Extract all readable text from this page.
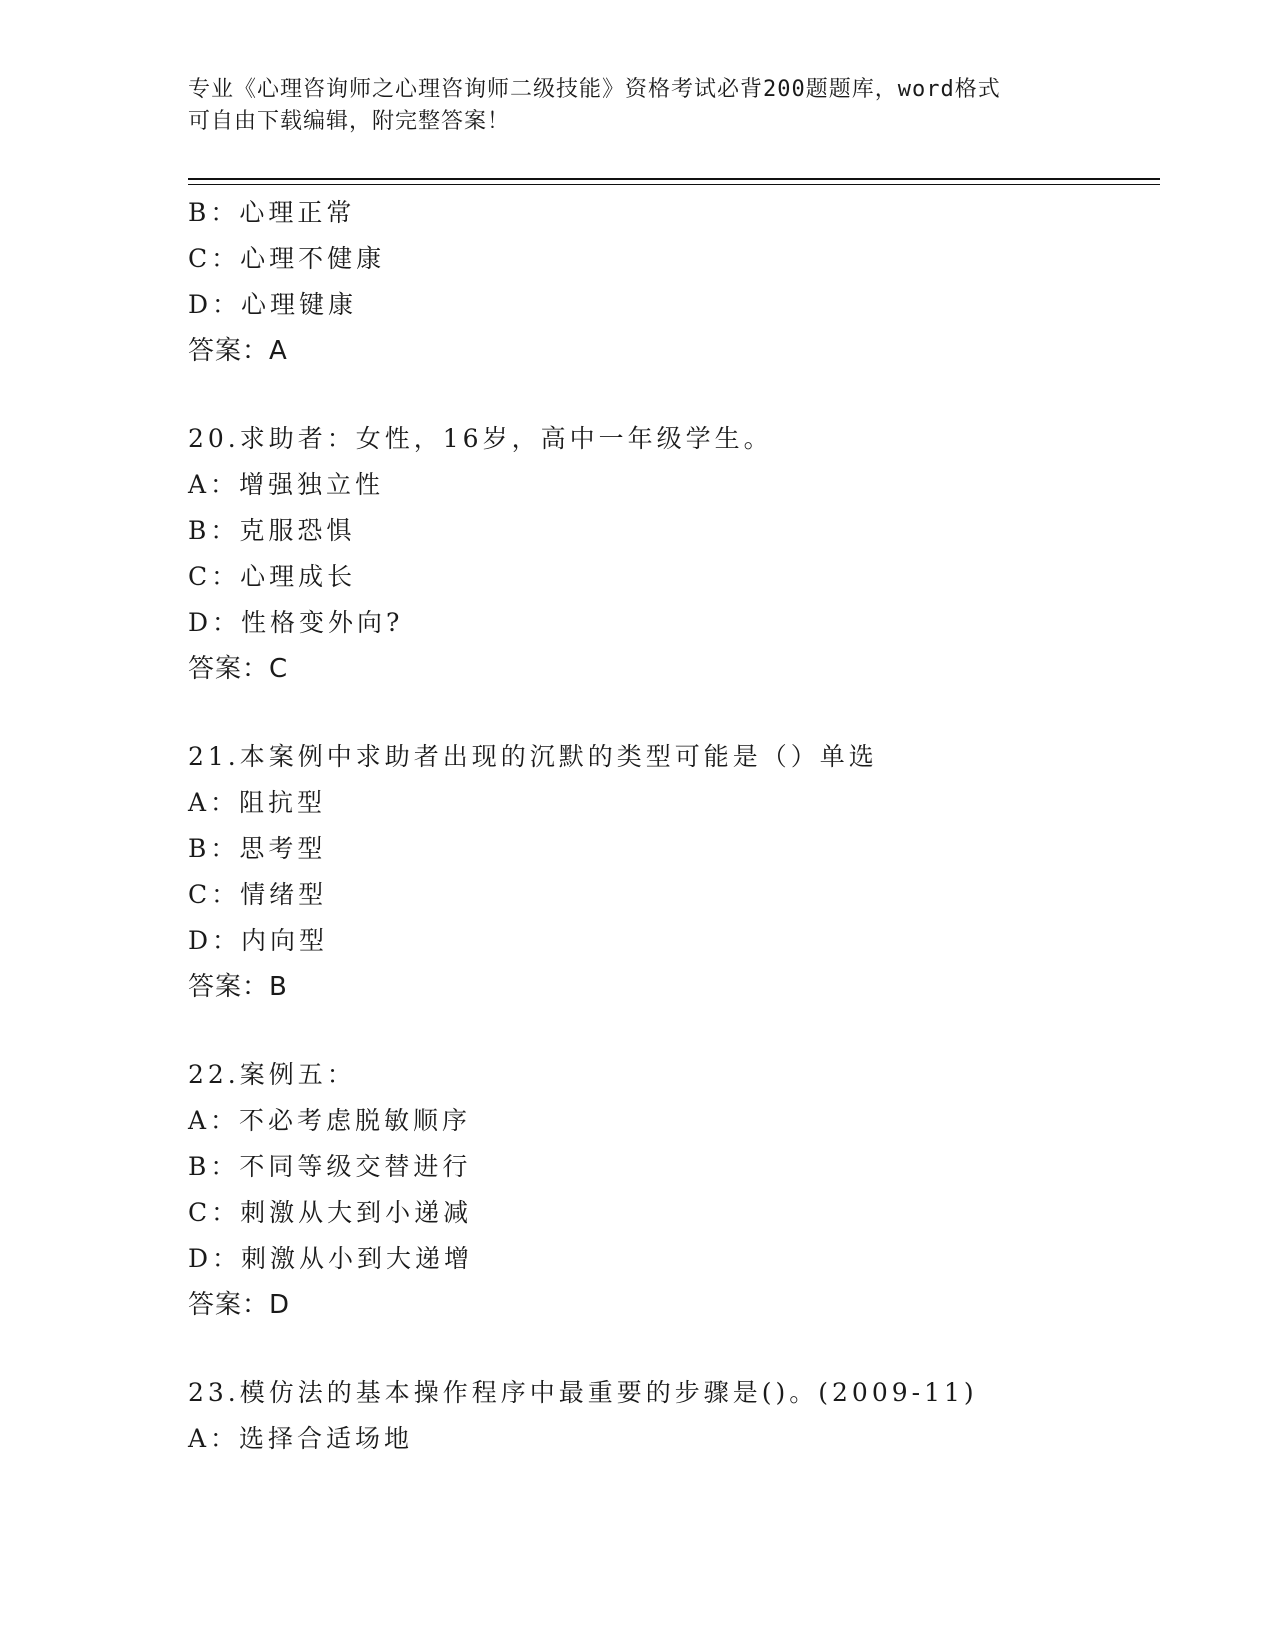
专业《心理咨询师之心理咨询师二级技能》资格考试必背200题题库，word格式
可自由下载编辑，附完整答案！
B：心理正常
C：心理不健康
D：心理键康
答案：A
20.求助者：女性，16岁，高中一年级学生。
A：增强独立性
B：克服恐惧
C：心理成长
D：性格变外向?
答案：C
21.本案例中求助者出现的沉默的类型可能是（）单选
A：阻抗型
B：思考型
C：情绪型
D：内向型
答案：B
22.案例五：
A：不必考虑脱敏顺序
B：不同等级交替进行
C：刺激从大到小递减
D：刺激从小到大递增
答案：D
23.模仿法的基本操作程序中最重要的步骤是()。(2009-11)
A：选择合适场地
